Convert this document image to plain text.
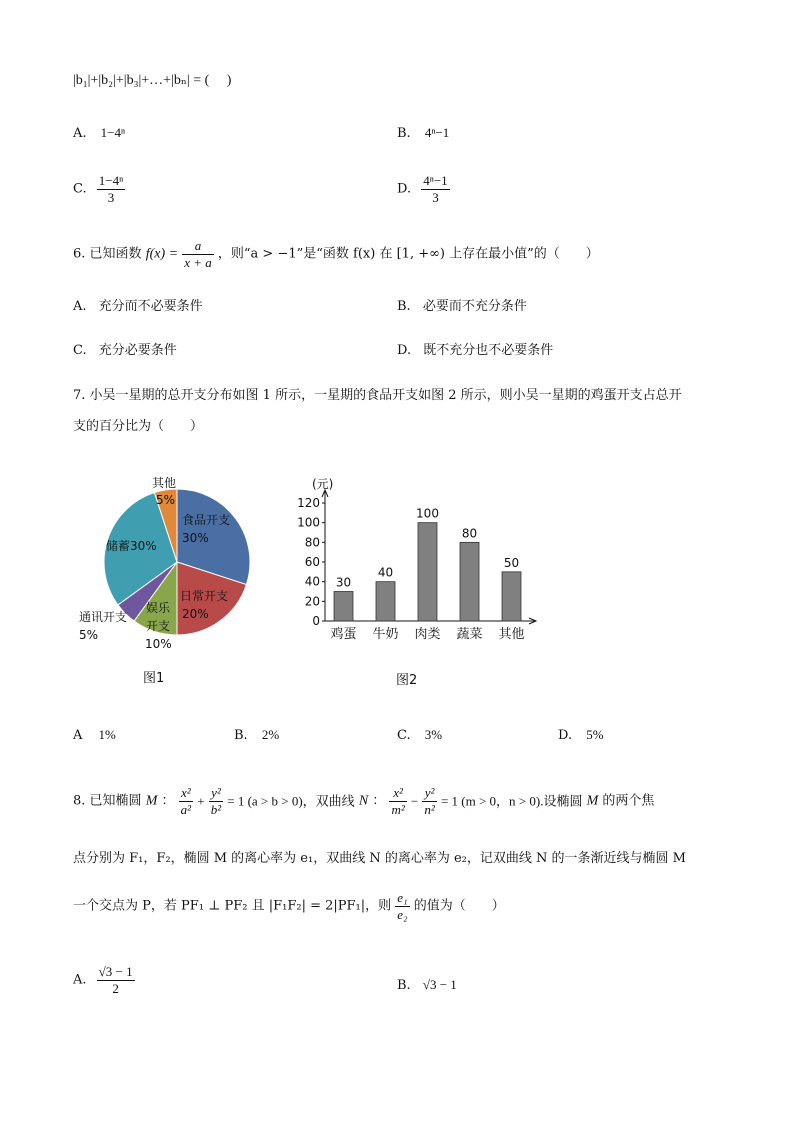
|b₁|+|b₂|+|b₃|+…+|bₙ| = (　 )
A. 1−4ⁿ	B. 4ⁿ−1
C. $\frac{\text{1−4ⁿ}}{3}$	D. $\frac{\text{4ⁿ−1}}{3}$
6. 已知函数 $f(x) = \frac{a}{x + a}$ ，则“a > −1”是“函数 f(x) 在 [1, +∞) 上存在最小值”的（　　）
A. 充分而不必要条件	B. 必要而不充分条件
C. 充分必要条件	D. 既不充分也不必要条件
7. 小吴一星期的总开支分布如图 1 所示，一星期的食品开支如图 2 所示，则小吴一星期的鸡蛋开支占总开
支的百分比为（　　）
其他
5%
食品开支
30%
储蓄30%
日常开支
20%
娱乐
开支
10%
通讯开支
5%
图1
(元)
0
20
40
60
80
100
120
30
鸡蛋
40
牛奶
100
肉类
80
蔬菜
50
其他
图2
A 1%	B. 2%	C. 3%	D. 5%
8. 已知椭圆 M ： $\frac{\text{x²}}{\text{a²}} + \frac{\text{y²}}{\text{b²}} = 1$ (a > b > 0)，双曲线 N ： $\frac{\text{x²}}{\text{m²}} - \frac{\text{y²}}{\text{n²}} = 1$ (m > 0，n > 0).设椭圆 M 的两个焦
点分别为 F₁，F₂，椭圆 M 的离心率为 e₁，双曲线 N 的离心率为 e₂，记双曲线 N 的一条渐近线与椭圆 M
一个交点为 P，若 PF₁ ⊥ PF₂ 且 |F₁F₂| = 2|PF₁|，则 $\frac{\text{e₁}}{\text{e₂}}$ 的值为（　　）
A. $\frac{√3 - 1}{2}$	B. √3 − 1
